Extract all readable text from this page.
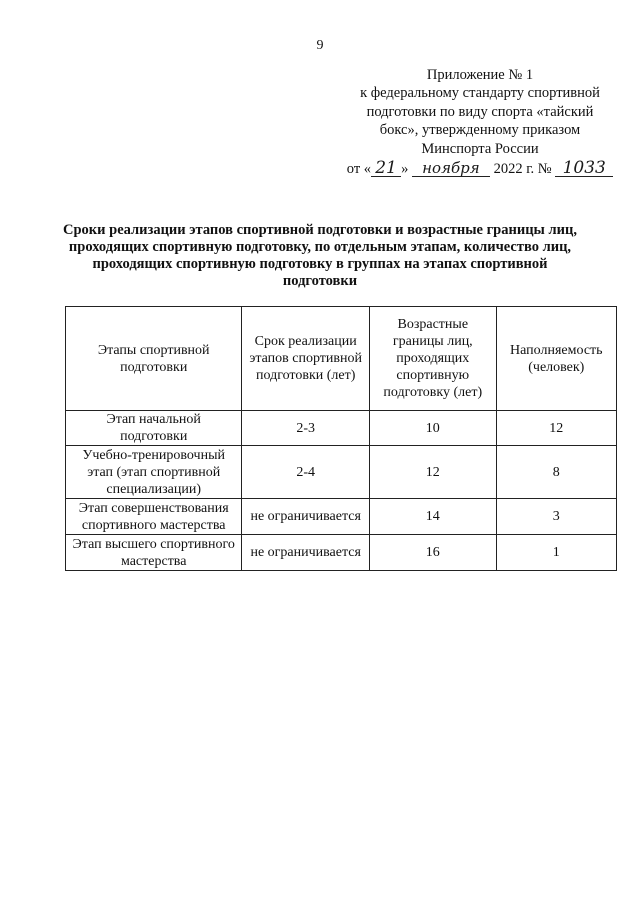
9
Приложение № 1
к федеральному стандарту спортивной
подготовки по виду спорта «тайский
бокс», утвержденному приказом
Минспорта России
от « 21 » ноября 2022 г. № 1033
Сроки реализации этапов спортивной подготовки и возрастные границы лиц,
проходящих спортивную подготовку, по отдельным этапам, количество лиц,
проходящих спортивную подготовку в группах на этапах спортивной
подготовки
Этапы спортивной подготовки	Срок реализации этапов спортивной подготовки (лет)	Возрастные границы лиц, проходящих спортивную подготовку (лет)	Наполняемость (человек)

Этап начальной подготовки	2-3	10	12

Учебно-тренировочный этап (этап спортивной специализации)	2-4	12	8

Этап совершенствования спортивного мастерства	не ограничивается	14	3

Этап высшего спортивного мастерства	не ограничивается	16	1
